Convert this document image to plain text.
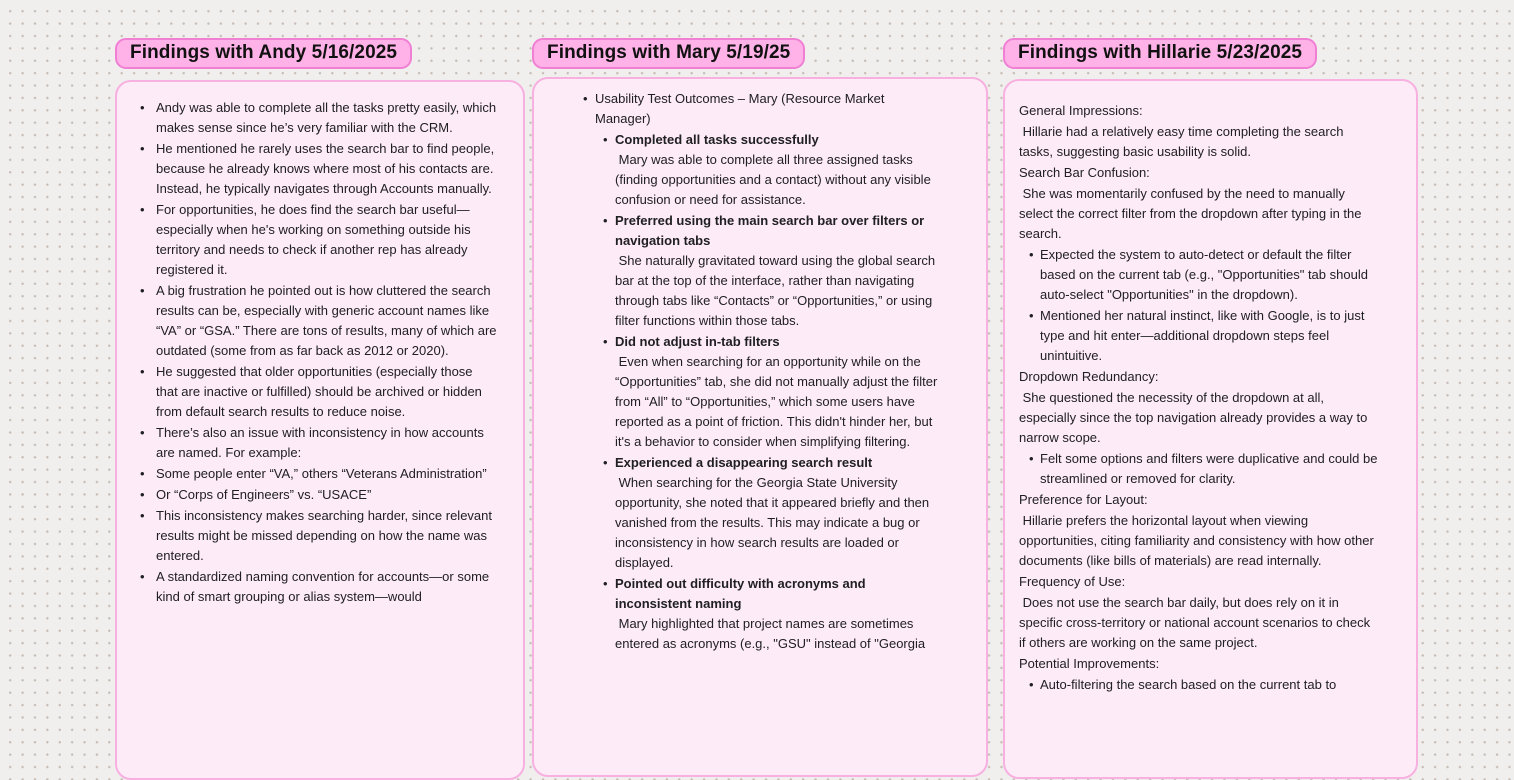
Findings with Andy 5/16/2025
• Andy was able to complete all the tasks pretty easily, which makes sense since he’s very familiar with the CRM.
• He mentioned he rarely uses the search bar to find people, because he already knows where most of his contacts are. Instead, he typically navigates through Accounts manually.
• For opportunities, he does find the search bar useful—especially when he's working on something outside his territory and needs to check if another rep has already registered it.
• A big frustration he pointed out is how cluttered the search results can be, especially with generic account names like “VA” or “GSA.” There are tons of results, many of which are outdated (some from as far back as 2012 or 2020).
• He suggested that older opportunities (especially those that are inactive or fulfilled) should be archived or hidden from default search results to reduce noise.
• There’s also an issue with inconsistency in how accounts are named. For example:
• Some people enter “VA,” others “Veterans Administration”
• Or “Corps of Engineers” vs. “USACE”
• This inconsistency makes searching harder, since relevant results might be missed depending on how the name was entered.
• A standardized naming convention for accounts—or some kind of smart grouping or alias system—would
Findings with Mary 5/19/25
• Usability Test Outcomes – Mary (Resource Market Manager)
• Completed all tasks successfully
Mary was able to complete all three assigned tasks (finding opportunities and a contact) without any visible confusion or need for assistance.
• Preferred using the main search bar over filters or navigation tabs
She naturally gravitated toward using the global search bar at the top of the interface, rather than navigating through tabs like “Contacts” or “Opportunities,” or using filter functions within those tabs.
• Did not adjust in-tab filters
Even when searching for an opportunity while on the “Opportunities” tab, she did not manually adjust the filter from “All” to “Opportunities,” which some users have reported as a point of friction. This didn't hinder her, but it's a behavior to consider when simplifying filtering.
• Experienced a disappearing search result
When searching for the Georgia State University opportunity, she noted that it appeared briefly and then vanished from the results. This may indicate a bug or inconsistency in how search results are loaded or displayed.
• Pointed out difficulty with acronyms and inconsistent naming
Mary highlighted that project names are sometimes entered as acronyms (e.g., "GSU" instead of "Georgia
Findings with Hillarie 5/23/2025
General Impressions:
Hillarie had a relatively easy time completing the search tasks, suggesting basic usability is solid.
Search Bar Confusion:
She was momentarily confused by the need to manually select the correct filter from the dropdown after typing in the search.
• Expected the system to auto-detect or default the filter based on the current tab (e.g., "Opportunities" tab should auto-select "Opportunities" in the dropdown).
• Mentioned her natural instinct, like with Google, is to just type and hit enter—additional dropdown steps feel unintuitive.
Dropdown Redundancy:
She questioned the necessity of the dropdown at all, especially since the top navigation already provides a way to narrow scope.
• Felt some options and filters were duplicative and could be streamlined or removed for clarity.
Preference for Layout:
Hillarie prefers the horizontal layout when viewing opportunities, citing familiarity and consistency with how other documents (like bills of materials) are read internally.
Frequency of Use:
Does not use the search bar daily, but does rely on it in specific cross-territory or national account scenarios to check if others are working on the same project.
Potential Improvements:
• Auto-filtering the search based on the current tab to
